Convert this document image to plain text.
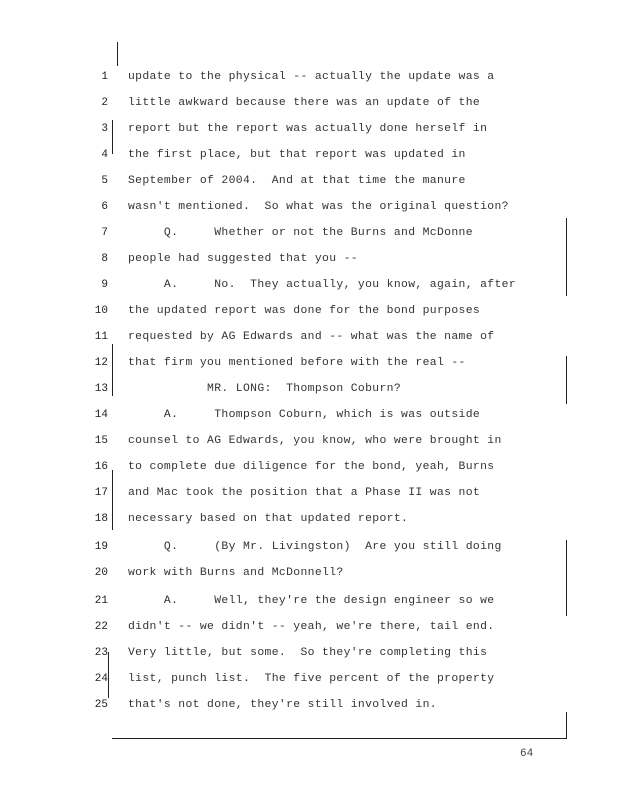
1 update to the physical -- actually the update was a
2 little awkward because there was an update of the
3 report but the report was actually done herself in
4 the first place, but that report was updated in
5 September of 2004.  And at that time the manure
6 wasn't mentioned.  So what was the original question?
7 Q.     Whether or not the Burns and McDonne
8 people had suggested that you --
9 A.     No.  They actually, you know, again, after
10 the updated report was done for the bond purposes
11 requested by AG Edwards and -- what was the name of
12 that firm you mentioned before with the real --
13 MR. LONG:  Thompson Coburn?
14 A.     Thompson Coburn, which is was outside
15 counsel to AG Edwards, you know, who were brought in
16 to complete due diligence for the bond, yeah, Burns
17 and Mac took the position that a Phase II was not
18 necessary based on that updated report.
19 Q.     (By Mr. Livingston)  Are you still doing
20 work with Burns and McDonnell?
21 A.     Well, they're the design engineer so we
22 didn't -- we didn't -- yeah, we're there, tail end.
23 Very little, but some.  So they're completing this
24 list, punch list.  The five percent of the property
25 that's not done, they're still involved in.
64
